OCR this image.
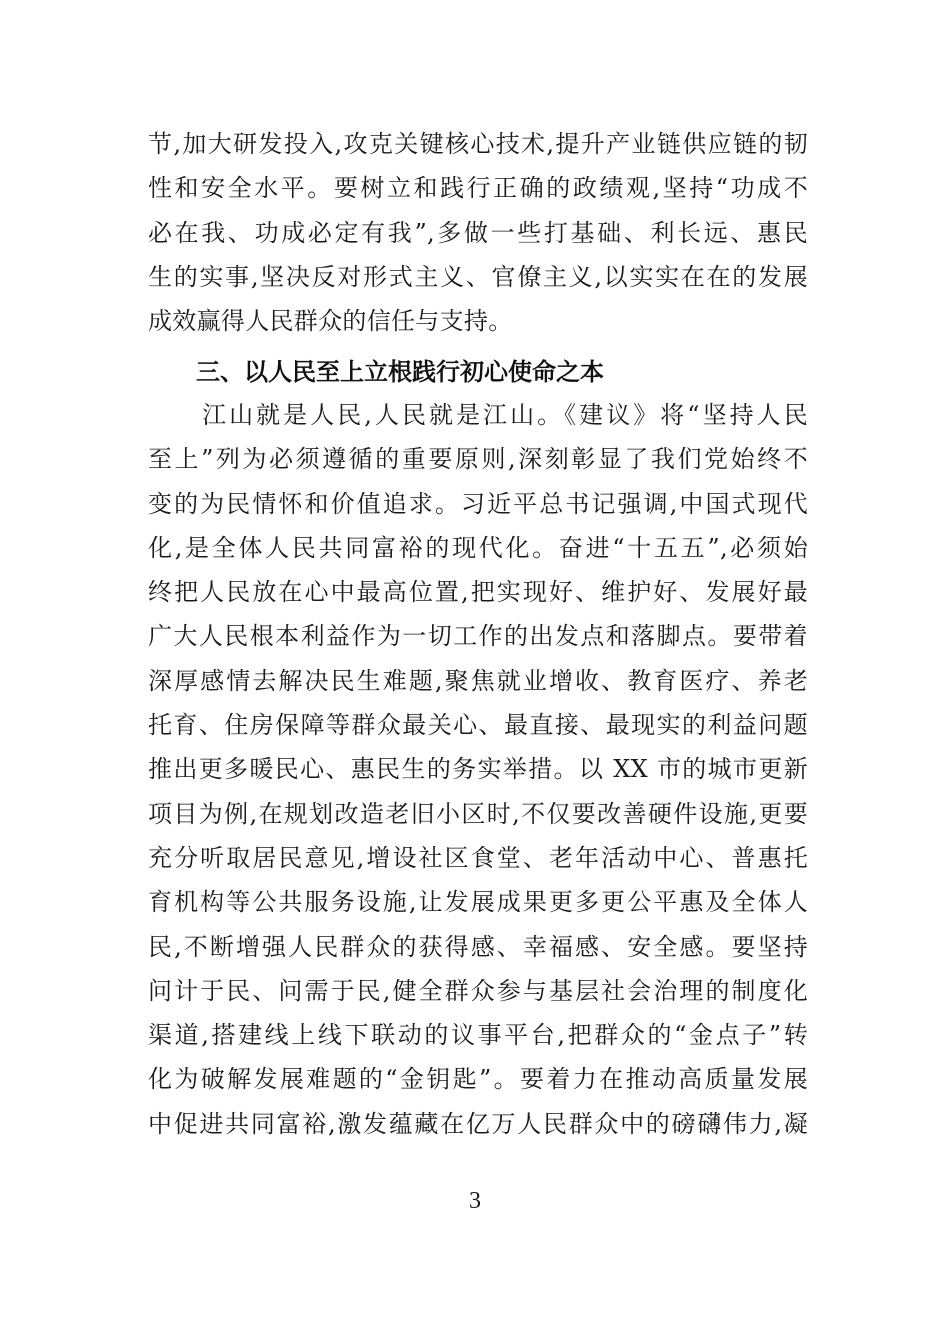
节,加大研发投入,攻克关键核心技术,提升产业链供应链的韧
性和安全水平。要树立和践行正确的政绩观,坚持“功成不
必在我、功成必定有我”,多做一些打基础、利长远、惠民
生的实事,坚决反对形式主义、官僚主义,以实实在在的发展
成效赢得人民群众的信任与支持。
三、以人民至上立根践行初心使命之本
　　江山就是人民,人民就是江山。《建议》将“坚持人民
至上”列为必须遵循的重要原则,深刻彰显了我们党始终不
变的为民情怀和价值追求。习近平总书记强调,中国式现代
化,是全体人民共同富裕的现代化。奋进“十五五”,必须始
终把人民放在心中最高位置,把实现好、维护好、发展好最
广大人民根本利益作为一切工作的出发点和落脚点。要带着
深厚感情去解决民生难题,聚焦就业增收、教育医疗、养老
托育、住房保障等群众最关心、最直接、最现实的利益问题
推出更多暖民心、惠民生的务实举措。以 XX 市的城市更新
项目为例,在规划改造老旧小区时,不仅要改善硬件设施,更要
充分听取居民意见,增设社区食堂、老年活动中心、普惠托
育机构等公共服务设施,让发展成果更多更公平惠及全体人
民,不断增强人民群众的获得感、幸福感、安全感。要坚持
问计于民、问需于民,健全群众参与基层社会治理的制度化
渠道,搭建线上线下联动的议事平台,把群众的“金点子”转
化为破解发展难题的“金钥匙”。要着力在推动高质量发展
中促进共同富裕,激发蕴藏在亿万人民群众中的磅礴伟力,凝
3
